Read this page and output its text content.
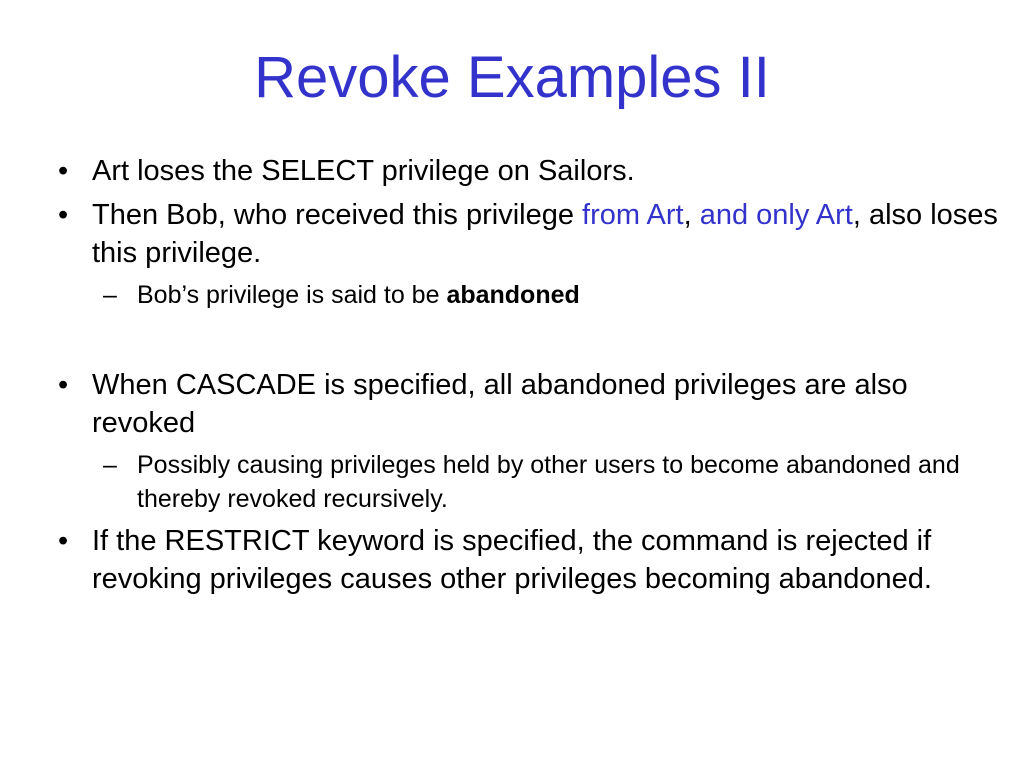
Revoke Examples II
• Art loses the SELECT privilege on Sailors.
• Then Bob, who received this privilege from Art, and only Art, also loses this privilege.
– Bob’s privilege is said to be abandoned
• When CASCADE is specified, all abandoned privileges are also revoked
– Possibly causing privileges held by other users to become abandoned and thereby revoked recursively.
• If the RESTRICT keyword is specified, the command is rejected if revoking privileges causes other privileges becoming abandoned.
